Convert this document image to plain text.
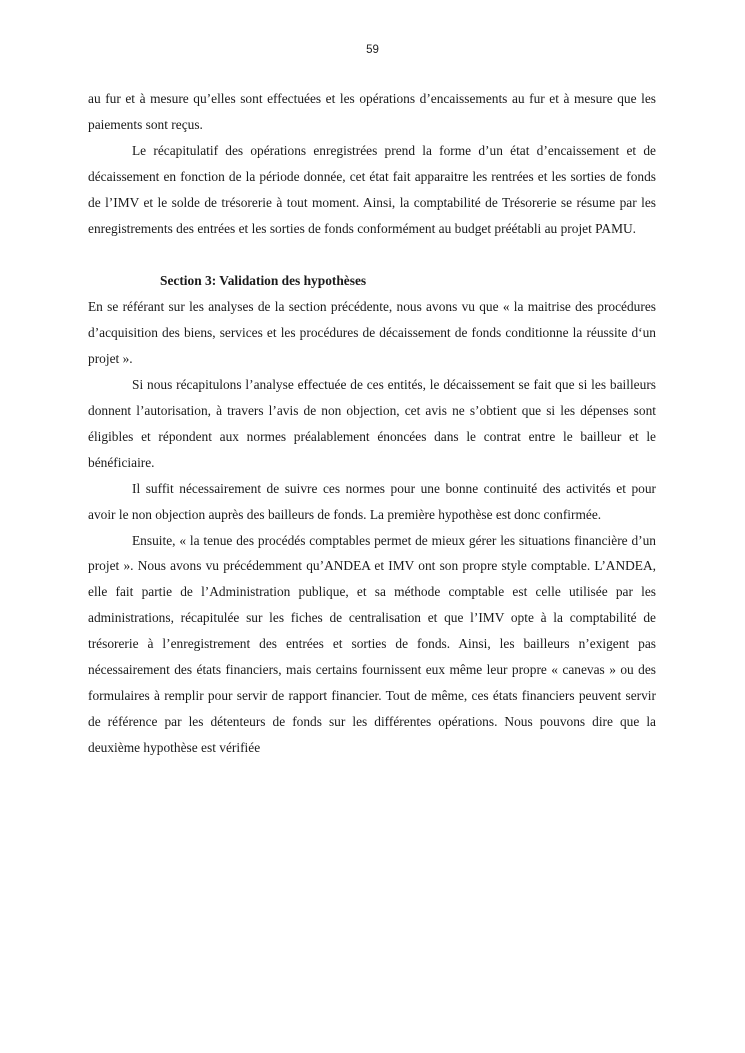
59

au fur et à mesure qu’elles sont effectuées et les opérations d’encaissements au fur et à mesure que les paiements sont reçus.

Le récapitulatif des opérations enregistrées prend la forme d’un état d’encaissement et de décaissement en fonction de la période donnée, cet état fait apparaitre les rentrées et les sorties de fonds de l’IMV et le solde de trésorerie à tout moment. Ainsi, la comptabilité de Trésorerie se résume par les enregistrements des entrées et les sorties de fonds conformément au budget préétabli au projet PAMU.

Section 3: Validation des hypothèses

En se référant sur les analyses de la section précédente, nous avons vu que « la maitrise des procédures d’acquisition des biens, services et les procédures de décaissement de fonds conditionne la réussite d‘un projet ».

Si nous récapitulons l’analyse effectuée de ces entités, le décaissement se fait que si les bailleurs donnent l’autorisation, à travers l’avis de non objection, cet avis ne s’obtient que si les dépenses sont éligibles et répondent aux normes préalablement énoncées dans le contrat entre le bailleur et le bénéficiaire.

Il suffit nécessairement de suivre ces normes pour une bonne continuité des activités et pour avoir le non objection auprès des bailleurs de fonds. La première hypothèse est donc confirmée.

Ensuite, « la tenue des procédés comptables permet de mieux gérer les situations financière d’un projet ». Nous avons vu précédemment qu’ANDEA et IMV ont son propre style comptable. L’ANDEA, elle fait partie de l’Administration publique, et sa méthode comptable est celle utilisée par les administrations, récapitulée sur les fiches de centralisation et que l’IMV opte à la comptabilité de trésorerie à l’enregistrement des entrées et sorties de fonds. Ainsi, les bailleurs n’exigent pas nécessairement des états financiers, mais certains fournissent eux même leur propre « canevas » ou des formulaires à remplir pour servir de rapport financier. Tout de même, ces états financiers peuvent servir de référence par les détenteurs de fonds sur les différentes opérations. Nous pouvons dire que la deuxième hypothèse est vérifiée
